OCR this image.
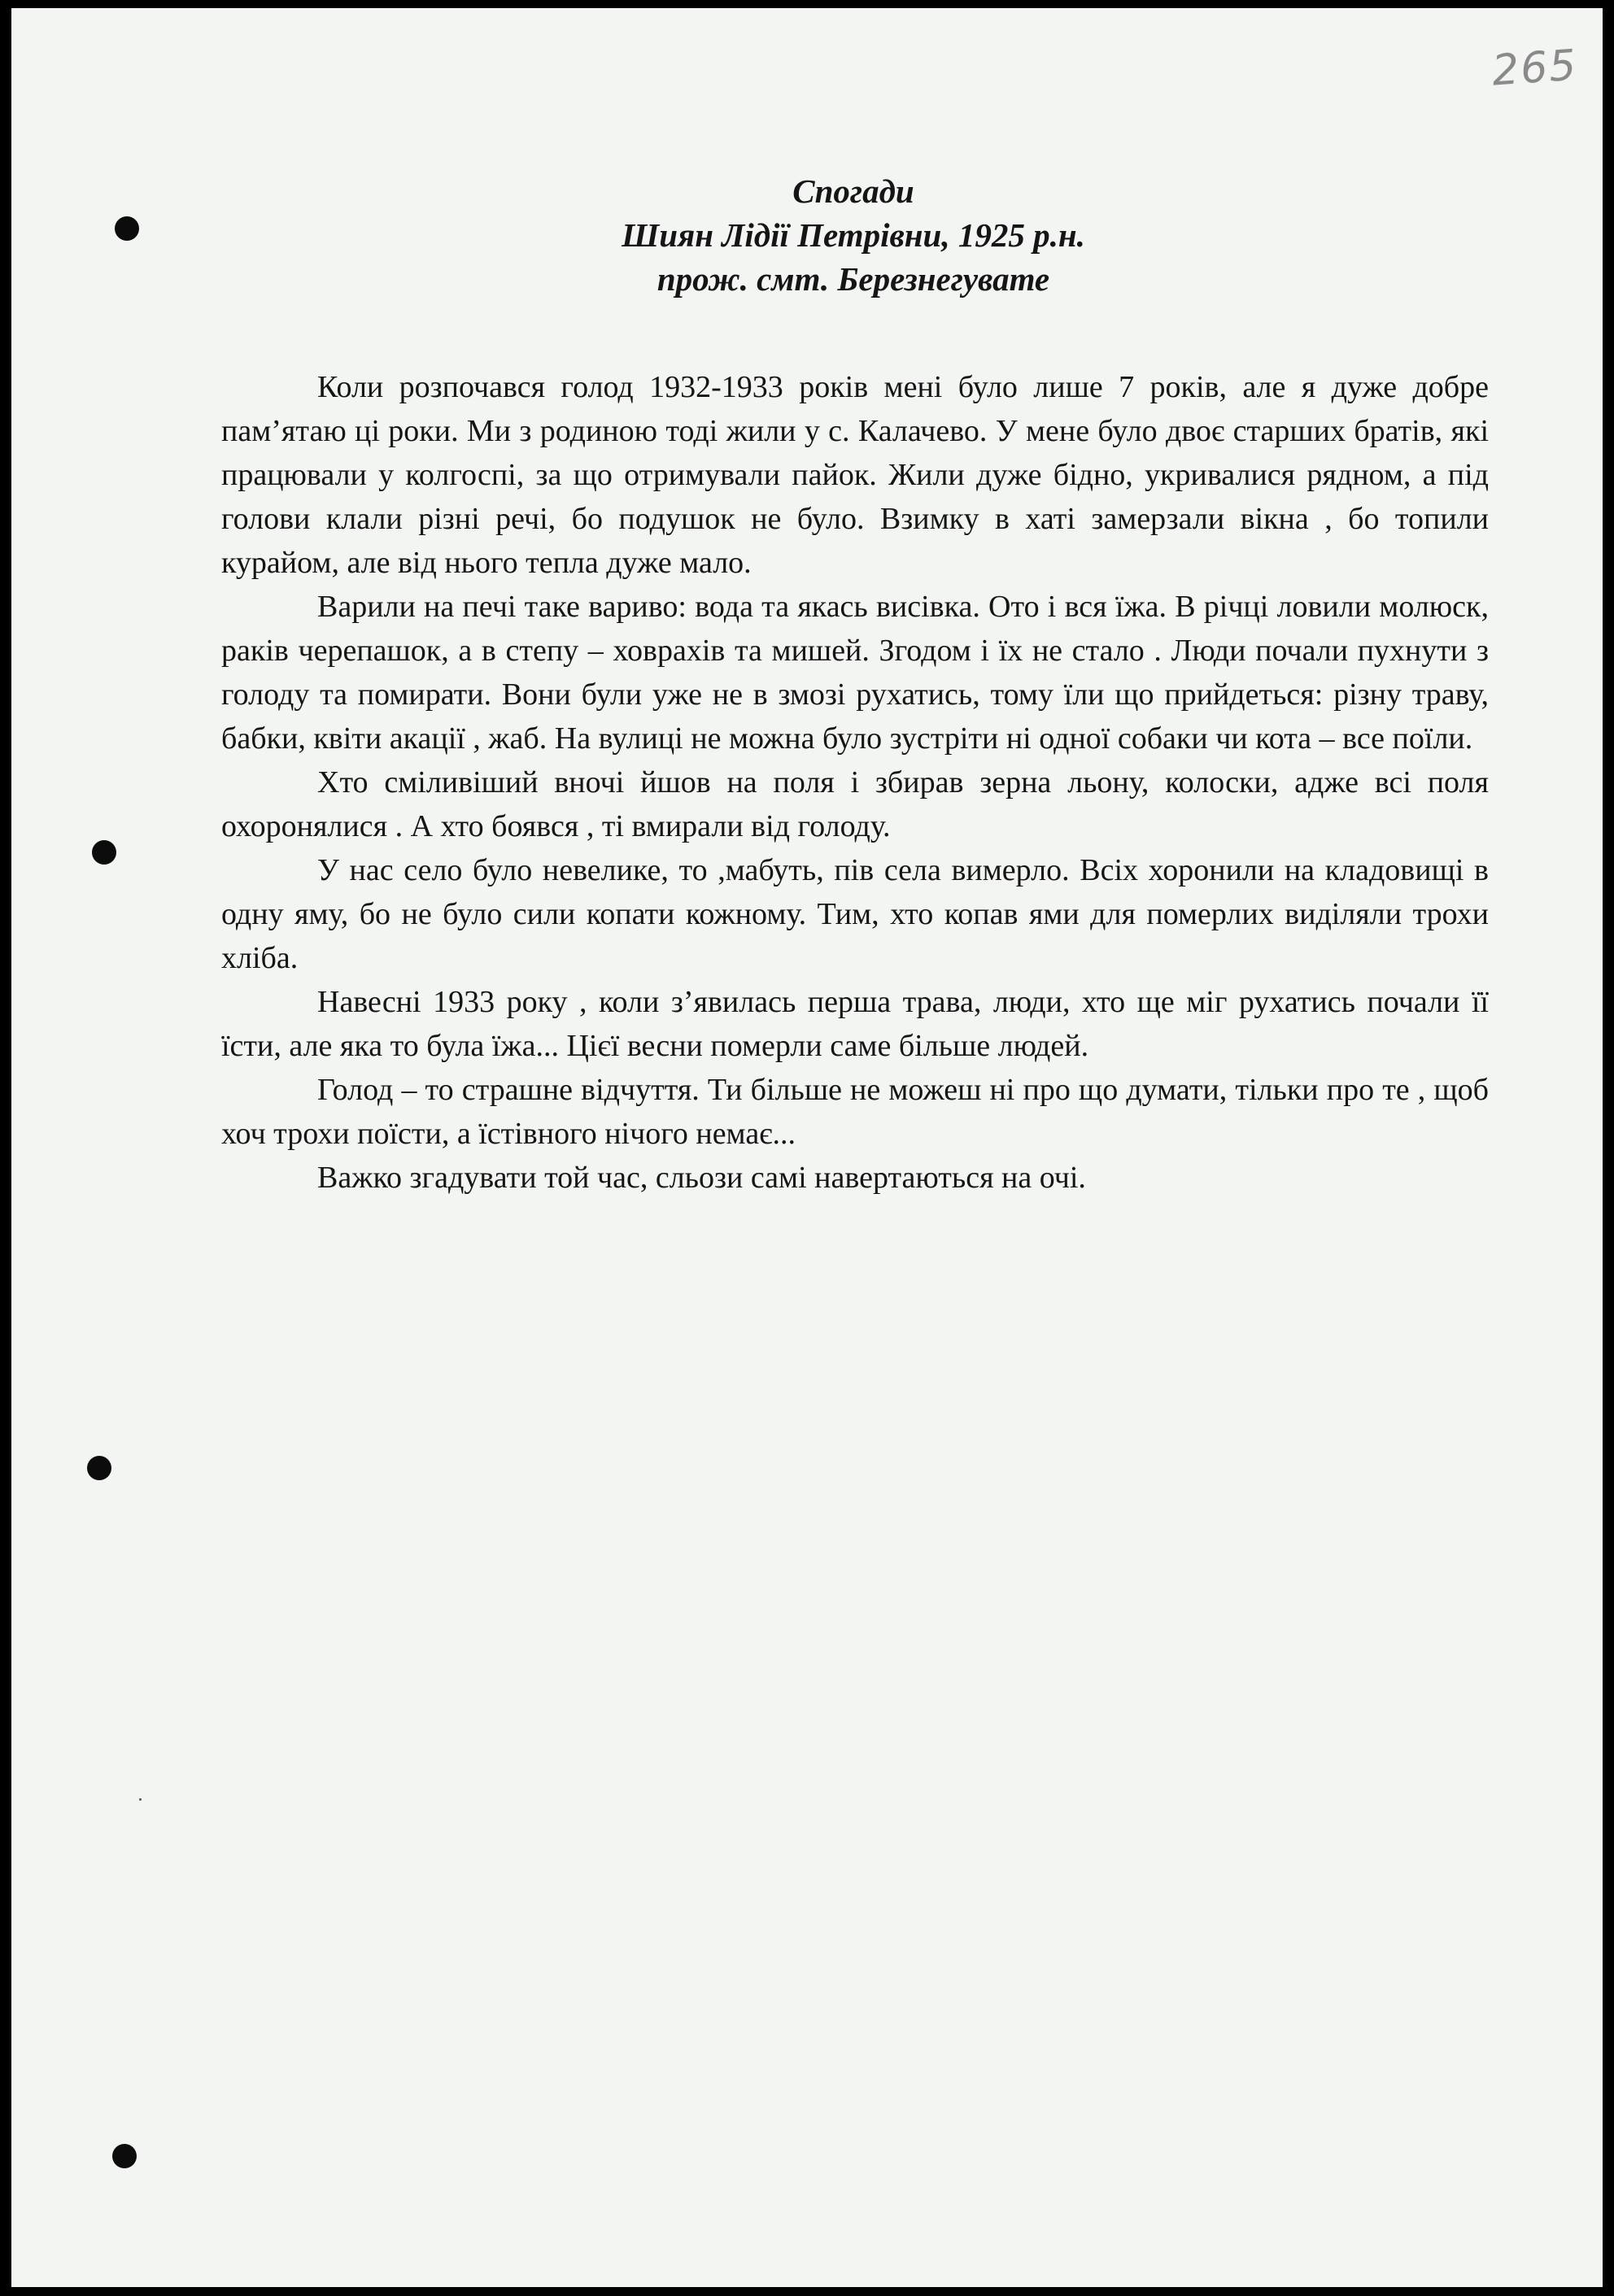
265
Спогади
Шиян Лідії Петрівни, 1925 р.н.
прож. смт. Березнегувате

Коли розпочався голод 1932-1933 років мені було лише 7 років, але я дуже добре пам’ятаю ці роки. Ми з родиною тоді жили у с. Калачево. У мене було двоє старших братів, які працювали у колгоспі, за що отримували пайок. Жили дуже бідно, укривалися рядном, а під голови клали різні речі, бо подушок не було. Взимку в хаті замерзали вікна , бо топили курайом, але від нього тепла дуже мало.

Варили на печі таке вариво: вода та якась висівка. Ото і вся їжа. В річці ловили молюск, раків черепашок, а в степу – ховрахів та мишей. Згодом і їх не стало . Люди почали пухнути з голоду та помирати. Вони були уже не в змозі рухатись, тому їли що прийдеться: різну траву, бабки, квіти акації , жаб. На вулиці не можна було зустріти ні одної собаки чи кота – все поїли.

Хто сміливіший вночі йшов на поля і збирав зерна льону, колоски, адже всі поля охоронялися . А хто боявся , ті вмирали від голоду.

У нас село було невелике, то ,мабуть, пів села вимерло. Всіх хоронили на кладовищі в одну яму, бо не було сили копати кожному. Тим, хто копав ями для померлих виділяли трохи хліба.

Навесні 1933 року , коли з’явилась перша трава, люди, хто ще міг рухатись почали її їсти, але яка то була їжа... Цієї весни померли саме більше людей.

Голод – то страшне відчуття. Ти більше не можеш ні про що думати, тільки про те , щоб хоч трохи поїсти, а їстівного нічого немає...

Важко згадувати той час, сльози самі навертаються на очі.
